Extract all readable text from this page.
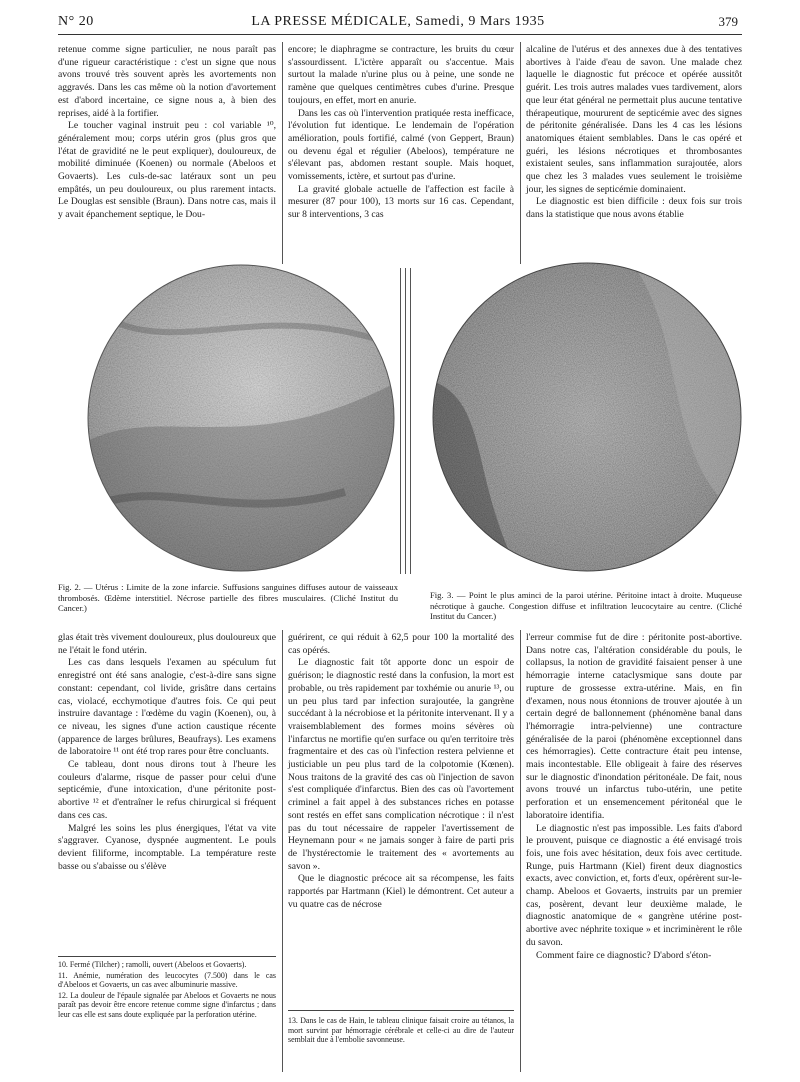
N° 20	LA PRESSE MÉDICALE, Samedi, 9 Mars 1935	379

retenue comme signe particulier, ne nous paraît pas d'une rigueur caractéristique : c'est un signe que nous avons trouvé très souvent après les avortements non aggravés. Dans les cas même où la notion d'avortement est d'abord incertaine, ce signe nous a, à bien des reprises, aidé à la fortifier.

Le toucher vaginal instruit peu : col variable ¹⁰, généralement mou; corps utérin gros (plus gros que l'état de gravidité ne le peut expliquer), douloureux, de mobilité diminuée (Koenen) ou normale (Abeloos et Govaerts). Les culs-de-sac latéraux sont un peu empâtés, un peu douloureux, ou plus rarement intacts. Le Douglas est sensible (Braun). Dans notre cas, mais il y avait épanchement septique, le Dou-

encore; le diaphragme se contracture, les bruits du cœur s'assourdissent. L'ictère apparaît ou s'accentue. Mais surtout la malade n'urine plus ou à peine, une sonde ne ramène que quelques centimètres cubes d'urine. Presque toujours, en effet, mort en anurie.

Dans les cas où l'intervention pratiquée resta inefficace, l'évolution fut identique. Le lendemain de l'opération amélioration, pouls fortifié, calmé (von Geppert, Braun) ou devenu égal et régulier (Abeloos), température ne s'élevant pas, abdomen restant souple. Mais hoquet, vomissements, ictère, et surtout pas d'urine.

La gravité globale actuelle de l'affection est facile à mesurer (87 pour 100), 13 morts sur 16 cas. Cependant, sur 8 interventions, 3 cas

alcaline de l'utérus et des annexes due à des tentatives abortives à l'aide d'eau de savon. Une malade chez laquelle le diagnostic fut précoce et opérée aussitôt guérit. Les trois autres malades vues tardivement, alors que leur état général ne permettait plus aucune tentative thérapeutique, moururent de septicémie avec des signes de péritonite généralisée. Dans les 4 cas les lésions anatomiques étaient semblables. Dans le cas opéré et guéri, les lésions nécrotiques et thrombosantes existaient seules, sans inflammation surajoutée, alors que chez les 3 malades vues seulement le troisième jour, les signes de septicémie dominaient.

Le diagnostic est bien difficile : deux fois sur trois dans la statistique que nous avons établie

Fig. 2. — Utérus : Limite de la zone infarcie. Suffusions sanguines diffuses autour de vaisseaux thrombosés. Œdème interstitiel. Nécrose partielle des fibres musculaires. (Cliché Institut du Cancer.)
Fig. 3. — Point le plus aminci de la paroi utérine. Péritoine intact à droite. Muqueuse nécrotique à gauche. Congestion diffuse et infiltration leucocytaire au centre. (Cliché Institut du Cancer.)

glas était très vivement douloureux, plus douloureux que ne l'était le fond utérin.

Les cas dans lesquels l'examen au spéculum fut enregistré ont été sans analogie, c'est-à-dire sans signe constant: cependant, col livide, grisâtre dans certains cas, violacé, ecchymotique d'autres fois. Ce qui peut instruire davantage : l'œdème du vagin (Koenen), ou, à ce niveau, les signes d'une action caustique récente (apparence de larges brûlures, Beaufrays). Les examens de laboratoire ¹¹ ont été trop rares pour être concluants.

Ce tableau, dont nous dirons tout à l'heure les couleurs d'alarme, risque de passer pour celui d'une septicémie, d'une intoxication, d'une péritonite post-abortive ¹² et d'entraîner le refus chirurgical si fréquent dans ces cas.

Malgré les soins les plus énergiques, l'état va vite s'aggraver. Cyanose, dyspnée augmentent. Le pouls devient filiforme, incomptable. La température reste basse ou s'abaisse ou s'élève

guérirent, ce qui réduit à 62,5 pour 100 la mortalité des cas opérés.

Le diagnostic fait tôt apporte donc un espoir de guérison; le diagnostic resté dans la confusion, la mort est probable, ou très rapidement par toxhémie ou anurie ¹³, ou un peu plus tard par infection surajoutée, la gangrène succédant à la nécrobiose et la péritonite intervenant. Il y a vraisemblablement des formes moins sévères où l'infarctus ne mortifie qu'en surface ou qu'en territoire très fragmentaire et des cas où l'infection restera pelvienne et justiciable un peu plus tard de la colpotomie (Kœnen). Nous traitons de la gravité des cas où l'injection de savon s'est compliquée d'infarctus. Bien des cas où l'avortement criminel a fait appel à des substances riches en potasse sont restés en effet sans complication nécrotique : il n'est pas du tout nécessaire de rappeler l'avertissement de Heynemann pour « ne jamais songer à faire de parti pris de l'hystérectomie le traitement des « avortements au savon ».

Que le diagnostic précoce ait sa récompense, les faits rapportés par Hartmann (Kiel) le démontrent. Cet auteur a vu quatre cas de nécrose

l'erreur commise fut de dire : péritonite post-abortive. Dans notre cas, l'altération considérable du pouls, le collapsus, la notion de gravidité faisaient penser à une hémorragie interne cataclysmique sans doute par rupture de grossesse extra-utérine. Mais, en fin d'examen, nous nous étonnions de trouver ajoutée à un certain degré de ballonnement (phénomène banal dans l'hémorragie intra-pelvienne) une contracture généralisée de la paroi (phénomène exceptionnel dans ces hémorragies). Cette contracture était peu intense, mais incontestable. Elle obligeait à faire des réserves sur le diagnostic d'inondation péritonéale. De fait, nous avons trouvé un infarctus tubo-utérin, une petite perforation et un ensemencement péritonéal que le laboratoire identifia.

Le diagnostic n'est pas impossible. Les faits d'abord le prouvent, puisque ce diagnostic a été envisagé trois fois, une fois avec hésitation, deux fois avec certitude. Runge, puis Hartmann (Kiel) firent deux diagnostics exacts, avec conviction, et, forts d'eux, opérèrent sur-le-champ. Abeloos et Govaerts, instruits par un premier cas, posèrent, devant leur deuxième malade, le diagnostic anatomique de « gangrène utérine post-abortive avec néphrite toxique » et incriminèrent le rôle du savon.

Comment faire ce diagnostic? D'abord s'éton-

10. Fermé (Tilcher) ; ramolli, ouvert (Abeloos et Govaerts).

11. Anémie, numération des leucocytes (7.500) dans le cas d'Abeloos et Govaerts, un cas avec albuminurie massive.

12. La douleur de l'épaule signalée par Abeloos et Govaerts ne nous paraît pas devoir être encore retenue comme signe d'infarctus ; dans leur cas elle est sans doute expliquée par la perforation utérine.

13. Dans le cas de Hain, le tableau clinique faisait croire au tétanos, la mort survint par hémorragie cérébrale et celle-ci au dire de l'auteur semblait due à l'embolie savonneuse.
